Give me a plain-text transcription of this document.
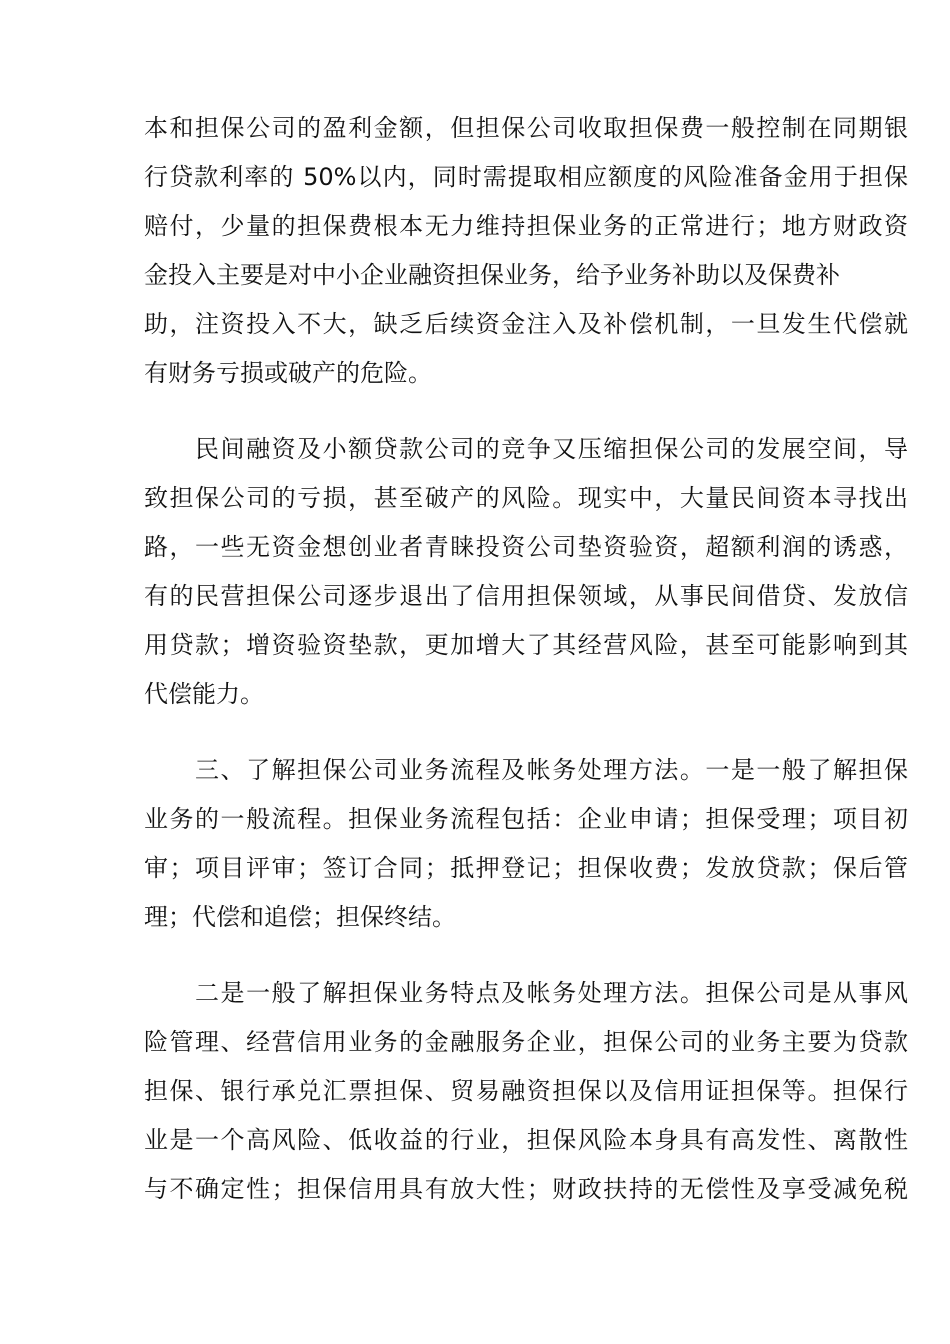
本和担保公司的盈利金额，但担保公司收取担保费一般控制在同期银
行贷款利率的 50%以内，同时需提取相应额度的风险准备金用于担保
赔付，少量的担保费根本无力维持担保业务的正常进行；地方财政资
金投入主要是对中小企业融资担保业务，给予业务补助以及保费补
助，注资投入不大，缺乏后续资金注入及补偿机制，一旦发生代偿就
有财务亏损或破产的危险。
　　民间融资及小额贷款公司的竞争又压缩担保公司的发展空间，导
致担保公司的亏损，甚至破产的风险。现实中，大量民间资本寻找出
路，一些无资金想创业者青睐投资公司垫资验资，超额利润的诱惑，
有的民营担保公司逐步退出了信用担保领域，从事民间借贷、发放信
用贷款；增资验资垫款，更加增大了其经营风险，甚至可能影响到其
代偿能力。
　　三、了解担保公司业务流程及帐务处理方法。一是一般了解担保
业务的一般流程。担保业务流程包括：企业申请；担保受理；项目初
审；项目评审；签订合同；抵押登记；担保收费；发放贷款；保后管
理；代偿和追偿；担保终结。
　　二是一般了解担保业务特点及帐务处理方法。担保公司是从事风
险管理、经营信用业务的金融服务企业，担保公司的业务主要为贷款
担保、银行承兑汇票担保、贸易融资担保以及信用证担保等。担保行
业是一个高风险、低收益的行业，担保风险本身具有高发性、离散性
与不确定性；担保信用具有放大性；财政扶持的无偿性及享受减免税
